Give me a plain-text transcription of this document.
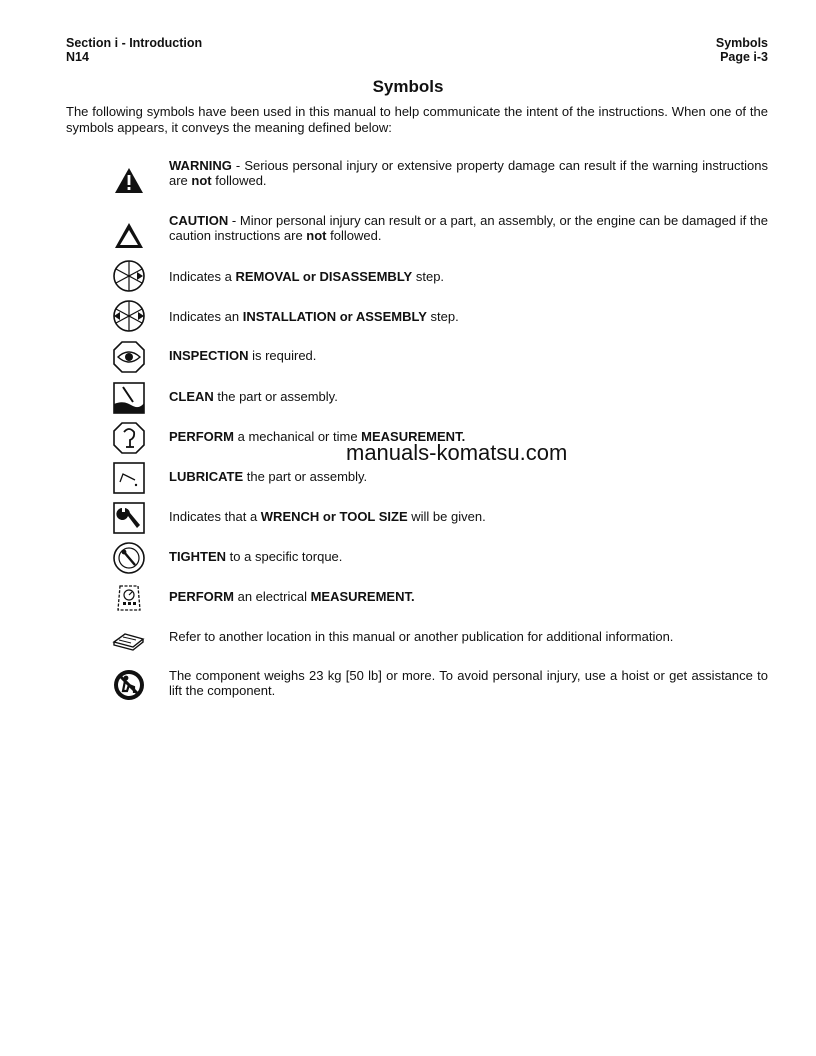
Section i - Introduction
N14
Symbols
Page i-3
Symbols
The following symbols have been used in this manual to help communicate the intent of the instructions. When one of the symbols appears, it conveys the meaning defined below:
WARNING - Serious personal injury or extensive property damage can result if the warning instructions are not followed.
CAUTION - Minor personal injury can result or a part, an assembly, or the engine can be damaged if the caution instructions are not followed.
Indicates a REMOVAL or DISASSEMBLY step.
Indicates an INSTALLATION or ASSEMBLY step.
INSPECTION is required.
CLEAN the part or assembly.
PERFORM a mechanical or time MEASUREMENT.
LUBRICATE the part or assembly.
Indicates that a WRENCH or TOOL SIZE will be given.
TIGHTEN to a specific torque.
PERFORM an electrical MEASUREMENT.
Refer to another location in this manual or another publication for additional information.
The component weighs 23 kg [50 lb] or more. To avoid personal injury, use a hoist or get assistance to lift the component.
manuals-komatsu.com
